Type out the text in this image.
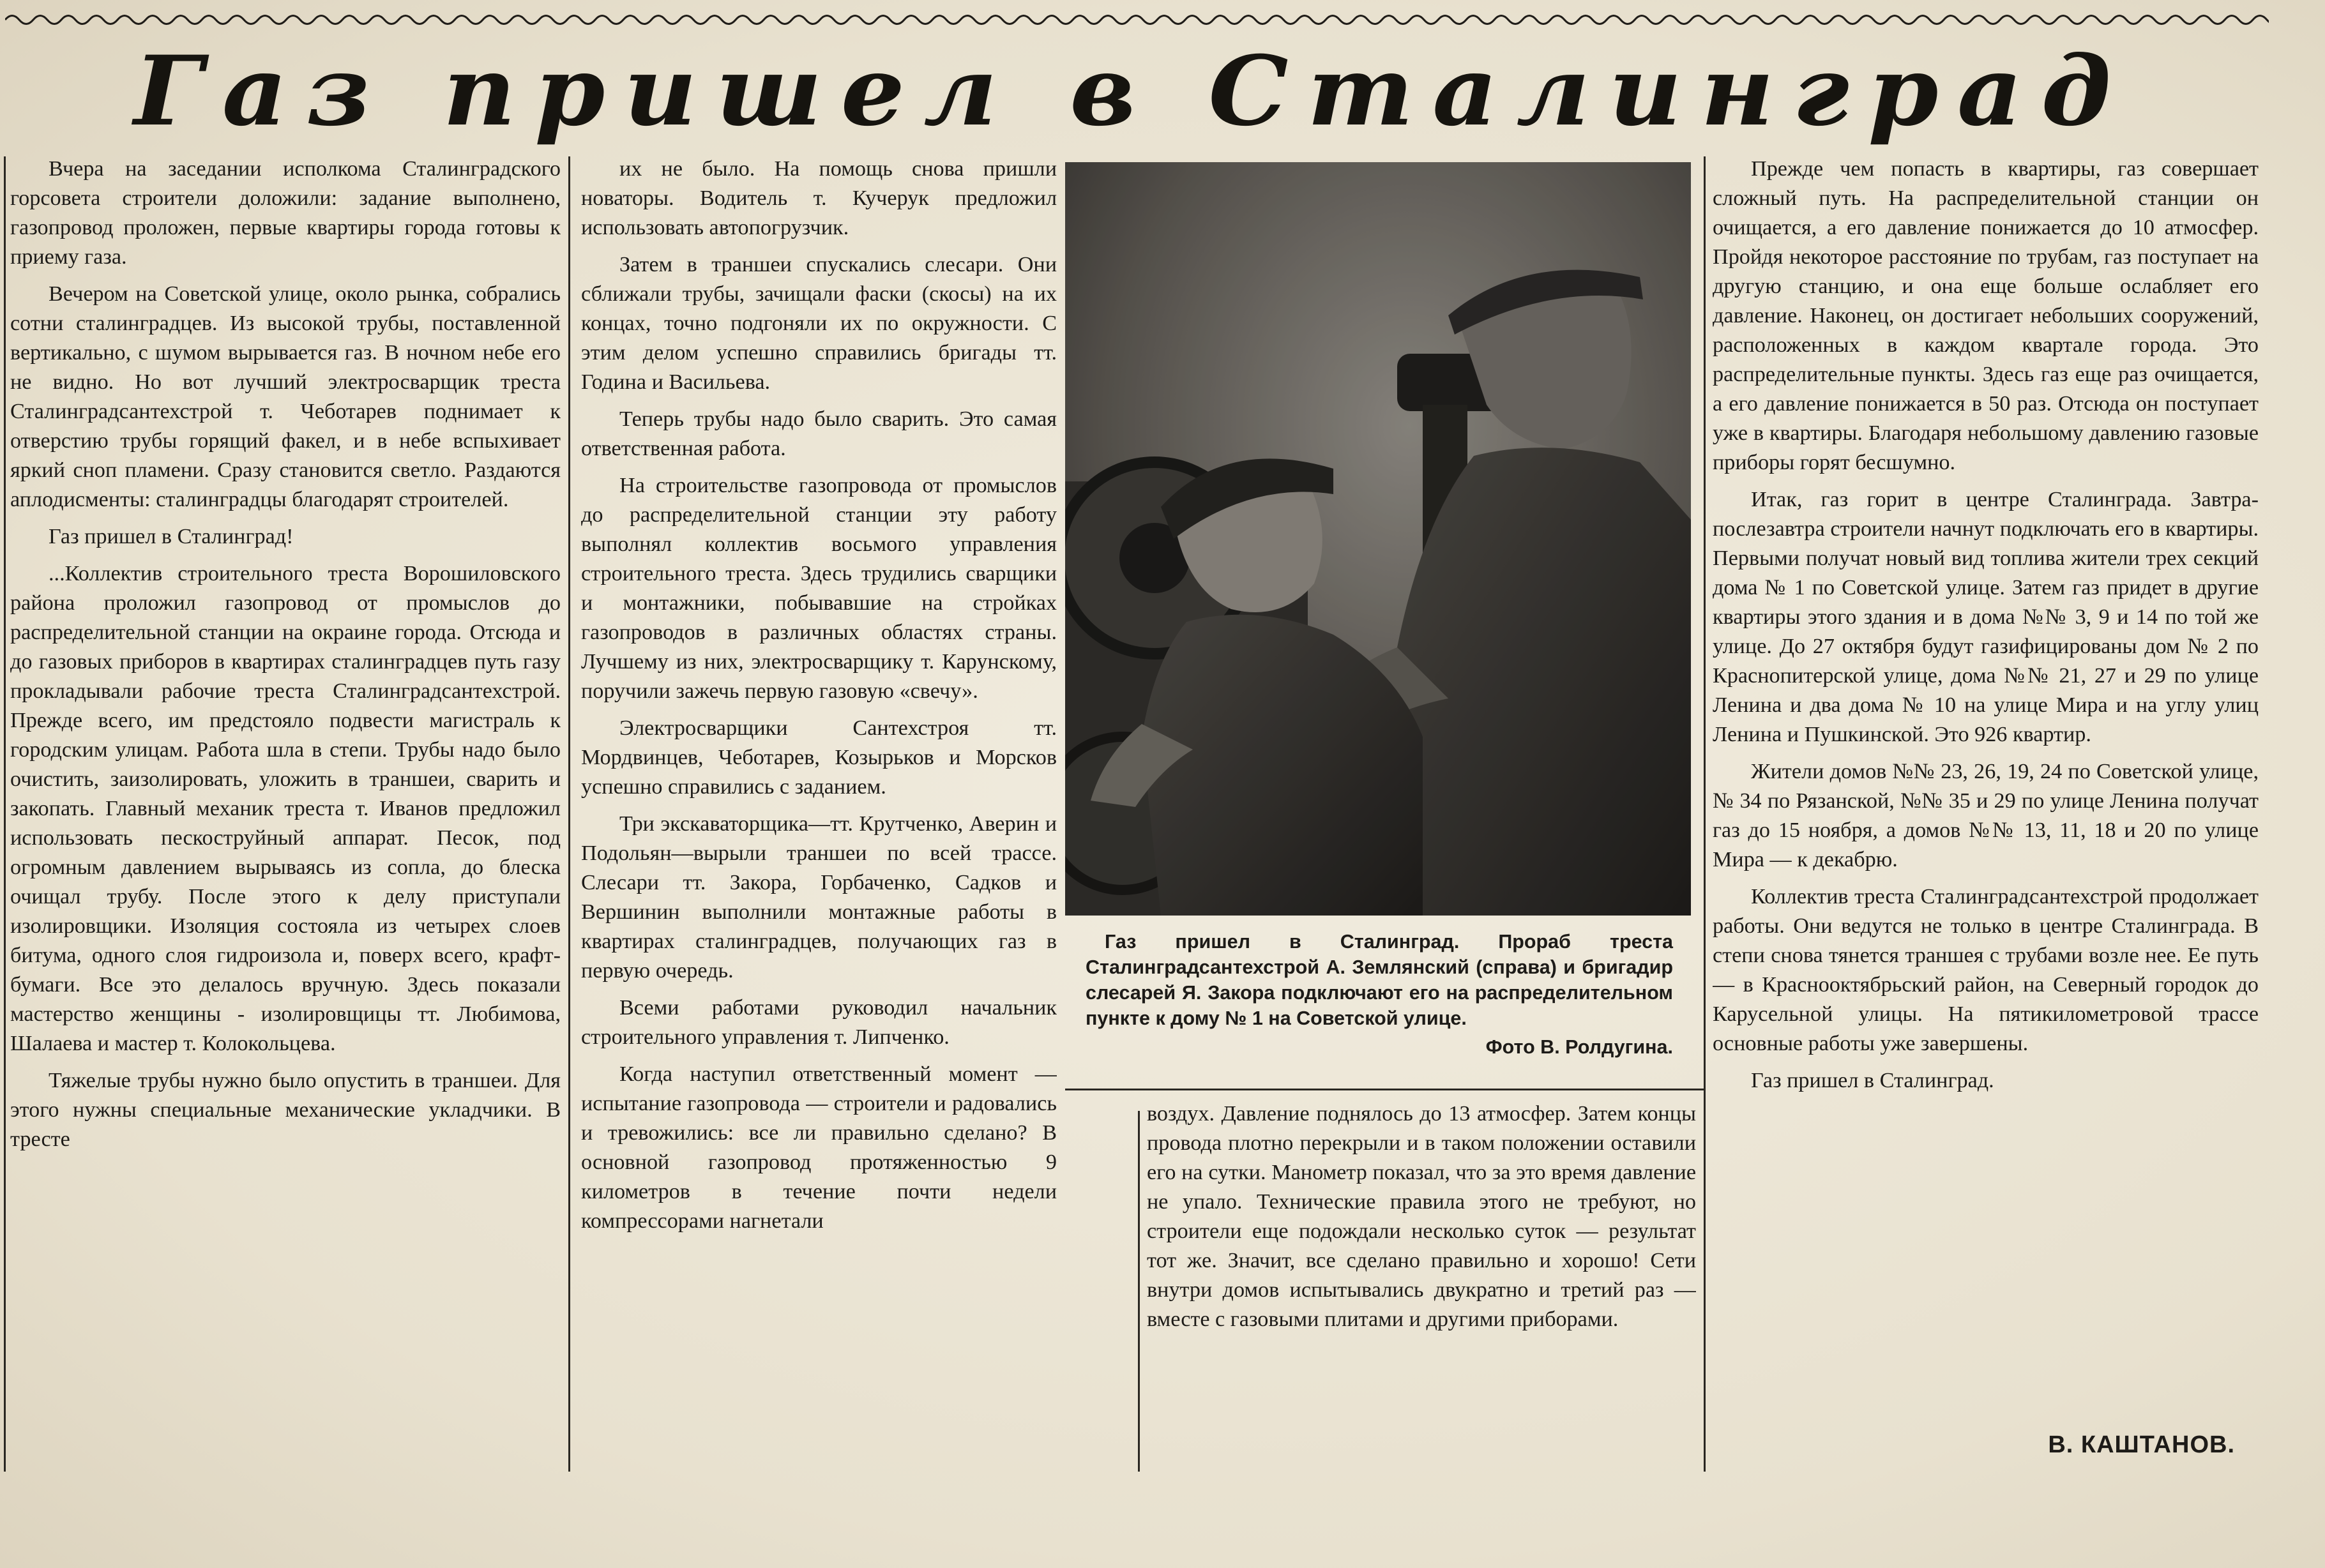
Газ пришел в Сталинград

Вчера на заседании исполкома Сталинградского горсовета строители доложили: задание выполнено, газопровод проложен, первые квартиры города готовы к приему газа.

Вечером на Советской улице, около рынка, собрались сотни сталинградцев. Из высокой трубы, поставленной вертикально, с шумом вырывается газ. В ночном небе его не видно. Но вот лучший электросварщик треста Сталинградсантехстрой т. Чеботарев поднимает к отверстию трубы горящий факел, и в небе вспыхивает яркий сноп пламени. Сразу становится светло. Раздаются аплодисменты: сталинградцы благодарят строителей.

Газ пришел в Сталинград!

...Коллектив строительного треста Ворошиловского района проложил газопровод от промыслов до распределительной станции на окраине города. Отсюда и до газовых приборов в квартирах сталинградцев путь газу прокладывали рабочие треста Сталинградсантехстрой. Прежде всего, им предстояло подвести магистраль к городским улицам. Работа шла в степи. Трубы надо было очистить, заизолировать, уложить в траншеи, сварить и закопать. Главный механик треста т. Иванов предложил использовать пескоструйный аппарат. Песок, под огромным давлением вырываясь из сопла, до блеска очищал трубу. После этого к делу приступали изолировщики. Изоляция состояла из четырех слоев битума, одного слоя гидроизола и, поверх всего, крафт-бумаги. Все это делалось вручную. Здесь показали мастерство женщины - изолировщицы тт. Любимова, Шалаева и мастер т. Колокольцева.

Тяжелые трубы нужно было опустить в траншеи. Для этого нужны специальные механические укладчики. В тресте

их не было. На помощь снова пришли новаторы. Водитель т. Кучерук предложил использовать автопогрузчик.

Затем в траншеи спускались слесари. Они сближали трубы, зачищали фаски (скосы) на их концах, точно подгоняли их по окружности. С этим делом успешно справились бригады тт. Година и Васильева.

Теперь трубы надо было сварить. Это самая ответственная работа.

На строительстве газопровода от промыслов до распределительной станции эту работу выполнял коллектив восьмого управления строительного треста. Здесь трудились сварщики и монтажники, побывавшие на стройках газопроводов в различных областях страны. Лучшему из них, электросварщику т. Карунскому, поручили зажечь первую газовую «свечу».

Электросварщики Сантехстроя тт. Мордвинцев, Чеботарев, Козырьков и Морсков успешно справились с заданием.

Три экскаваторщика—тт. Крутченко, Аверин и Подольян—вырыли траншеи по всей трассе. Слесари тт. Закора, Горбаченко, Садков и Вершинин выполнили монтажные работы в квартирах сталинградцев, получающих газ в первую очередь.

Всеми работами руководил начальник строительного управления т. Липченко.

Когда наступил ответственный момент — испытание газопровода — строители и радовались и тревожились: все ли правильно сделано? В основной газопровод протяженностью 9 километров в течение почти недели компрессорами нагнетали

Газ пришел в Сталинград. Прораб треста Сталинградсантехстрой А. Землянский (справа) и бригадир слесарей Я. Закора подключают его на распределительном пункте к дому № 1 на Советской улице.
Фото В. Ролдугина.

воздух. Давление поднялось до 13 атмосфер. Затем концы провода плотно перекрыли и в таком положении оставили его на сутки. Манометр показал, что за это время давление не упало. Технические правила этого не требуют, но строители еще подождали несколько суток — результат тот же. Значит, все сделано правильно и хорошо! Сети внутри домов испытывались двукратно и третий раз — вместе с газовыми плитами и другими приборами.

Прежде чем попасть в квартиры, газ совершает сложный путь. На распределительной станции он очищается, а его давление понижается до 10 атмосфер. Пройдя некоторое расстояние по трубам, газ поступает на другую станцию, и она еще больше ослабляет его давление. Наконец, он достигает небольших сооружений, расположенных в каждом квартале города. Это распределительные пункты. Здесь газ еще раз очищается, а его давление понижается в 50 раз. Отсюда он поступает уже в квартиры. Благодаря небольшому давлению газовые приборы горят бесшумно.

Итак, газ горит в центре Сталинграда. Завтра-послезавтра строители начнут подключать его в квартиры. Первыми получат новый вид топлива жители трех секций дома № 1 по Советской улице. Затем газ придет в другие квартиры этого здания и в дома №№ 3, 9 и 14 по той же улице. До 27 октября будут газифицированы дом № 2 по Краснопитерской улице, дома №№ 21, 27 и 29 по улице Ленина и два дома № 10 на улице Мира и на углу улиц Ленина и Пушкинской. Это 926 квартир.

Жители домов №№ 23, 26, 19, 24 по Советской улице, № 34 по Рязанской, №№ 35 и 29 по улице Ленина получат газ до 15 ноября, а домов №№ 13, 11, 18 и 20 по улице Мира — к декабрю.

Коллектив треста Сталинградсантехстрой продолжает работы. Они ведутся не только в центре Сталинграда. В степи снова тянется траншея с трубами возле нее. Ее путь — в Краснооктябрьский район, на Северный городок до Карусельной улицы. На пятикилометровой трассе основные работы уже завершены.

Газ пришел в Сталинград.

В. КАШТАНОВ.
